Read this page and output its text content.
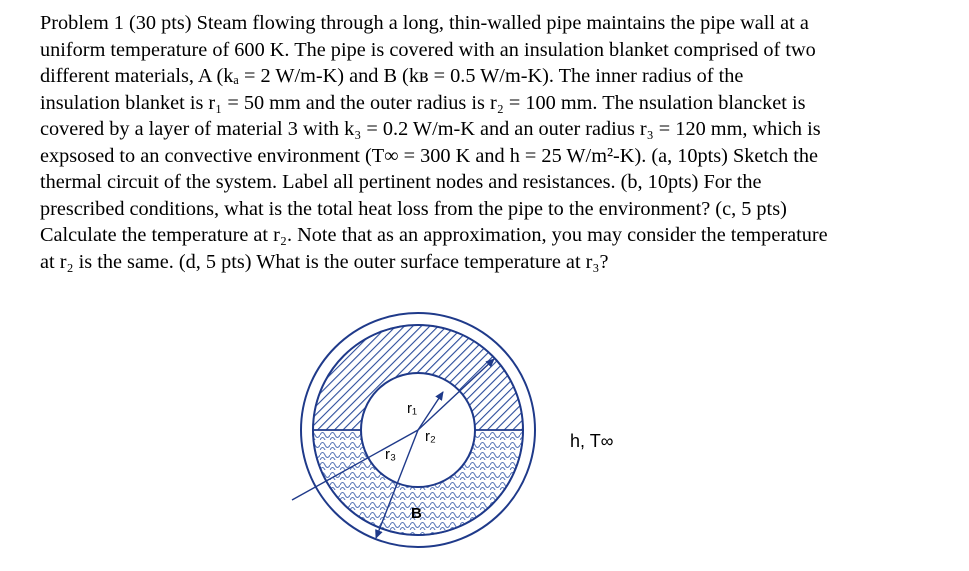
Problem 1 (30 pts) Steam flowing through a long, thin-walled pipe maintains the pipe wall at a
uniform temperature of 600 K. The pipe is covered with an insulation blanket comprised of two
different materials, A (kₐ = 2 W/m-K) and B (kʙ = 0.5 W/m-K). The inner radius of the
insulation blanket is r₁ = 50 mm and the outer radius is r₂ = 100 mm. The nsulation blancket is
covered by a layer of material 3 with k₃ = 0.2 W/m-K and an outer radius r₃ = 120 mm, which is
expsosed to an convective environment (T∞ = 300 K and h = 25 W/m²-K). (a, 10pts) Sketch the
thermal circuit of the system. Label all pertinent nodes and resistances. (b, 10pts) For the
prescribed conditions, what is the total heat loss from the pipe to the environment? (c, 5 pts)
Calculate the temperature at r₂. Note that as an approximation, you may consider the temperature
at r₂ is the same. (d, 5 pts) What is the outer surface temperature at r₃?
r₁
r₂
r₃
B
h, T∞
